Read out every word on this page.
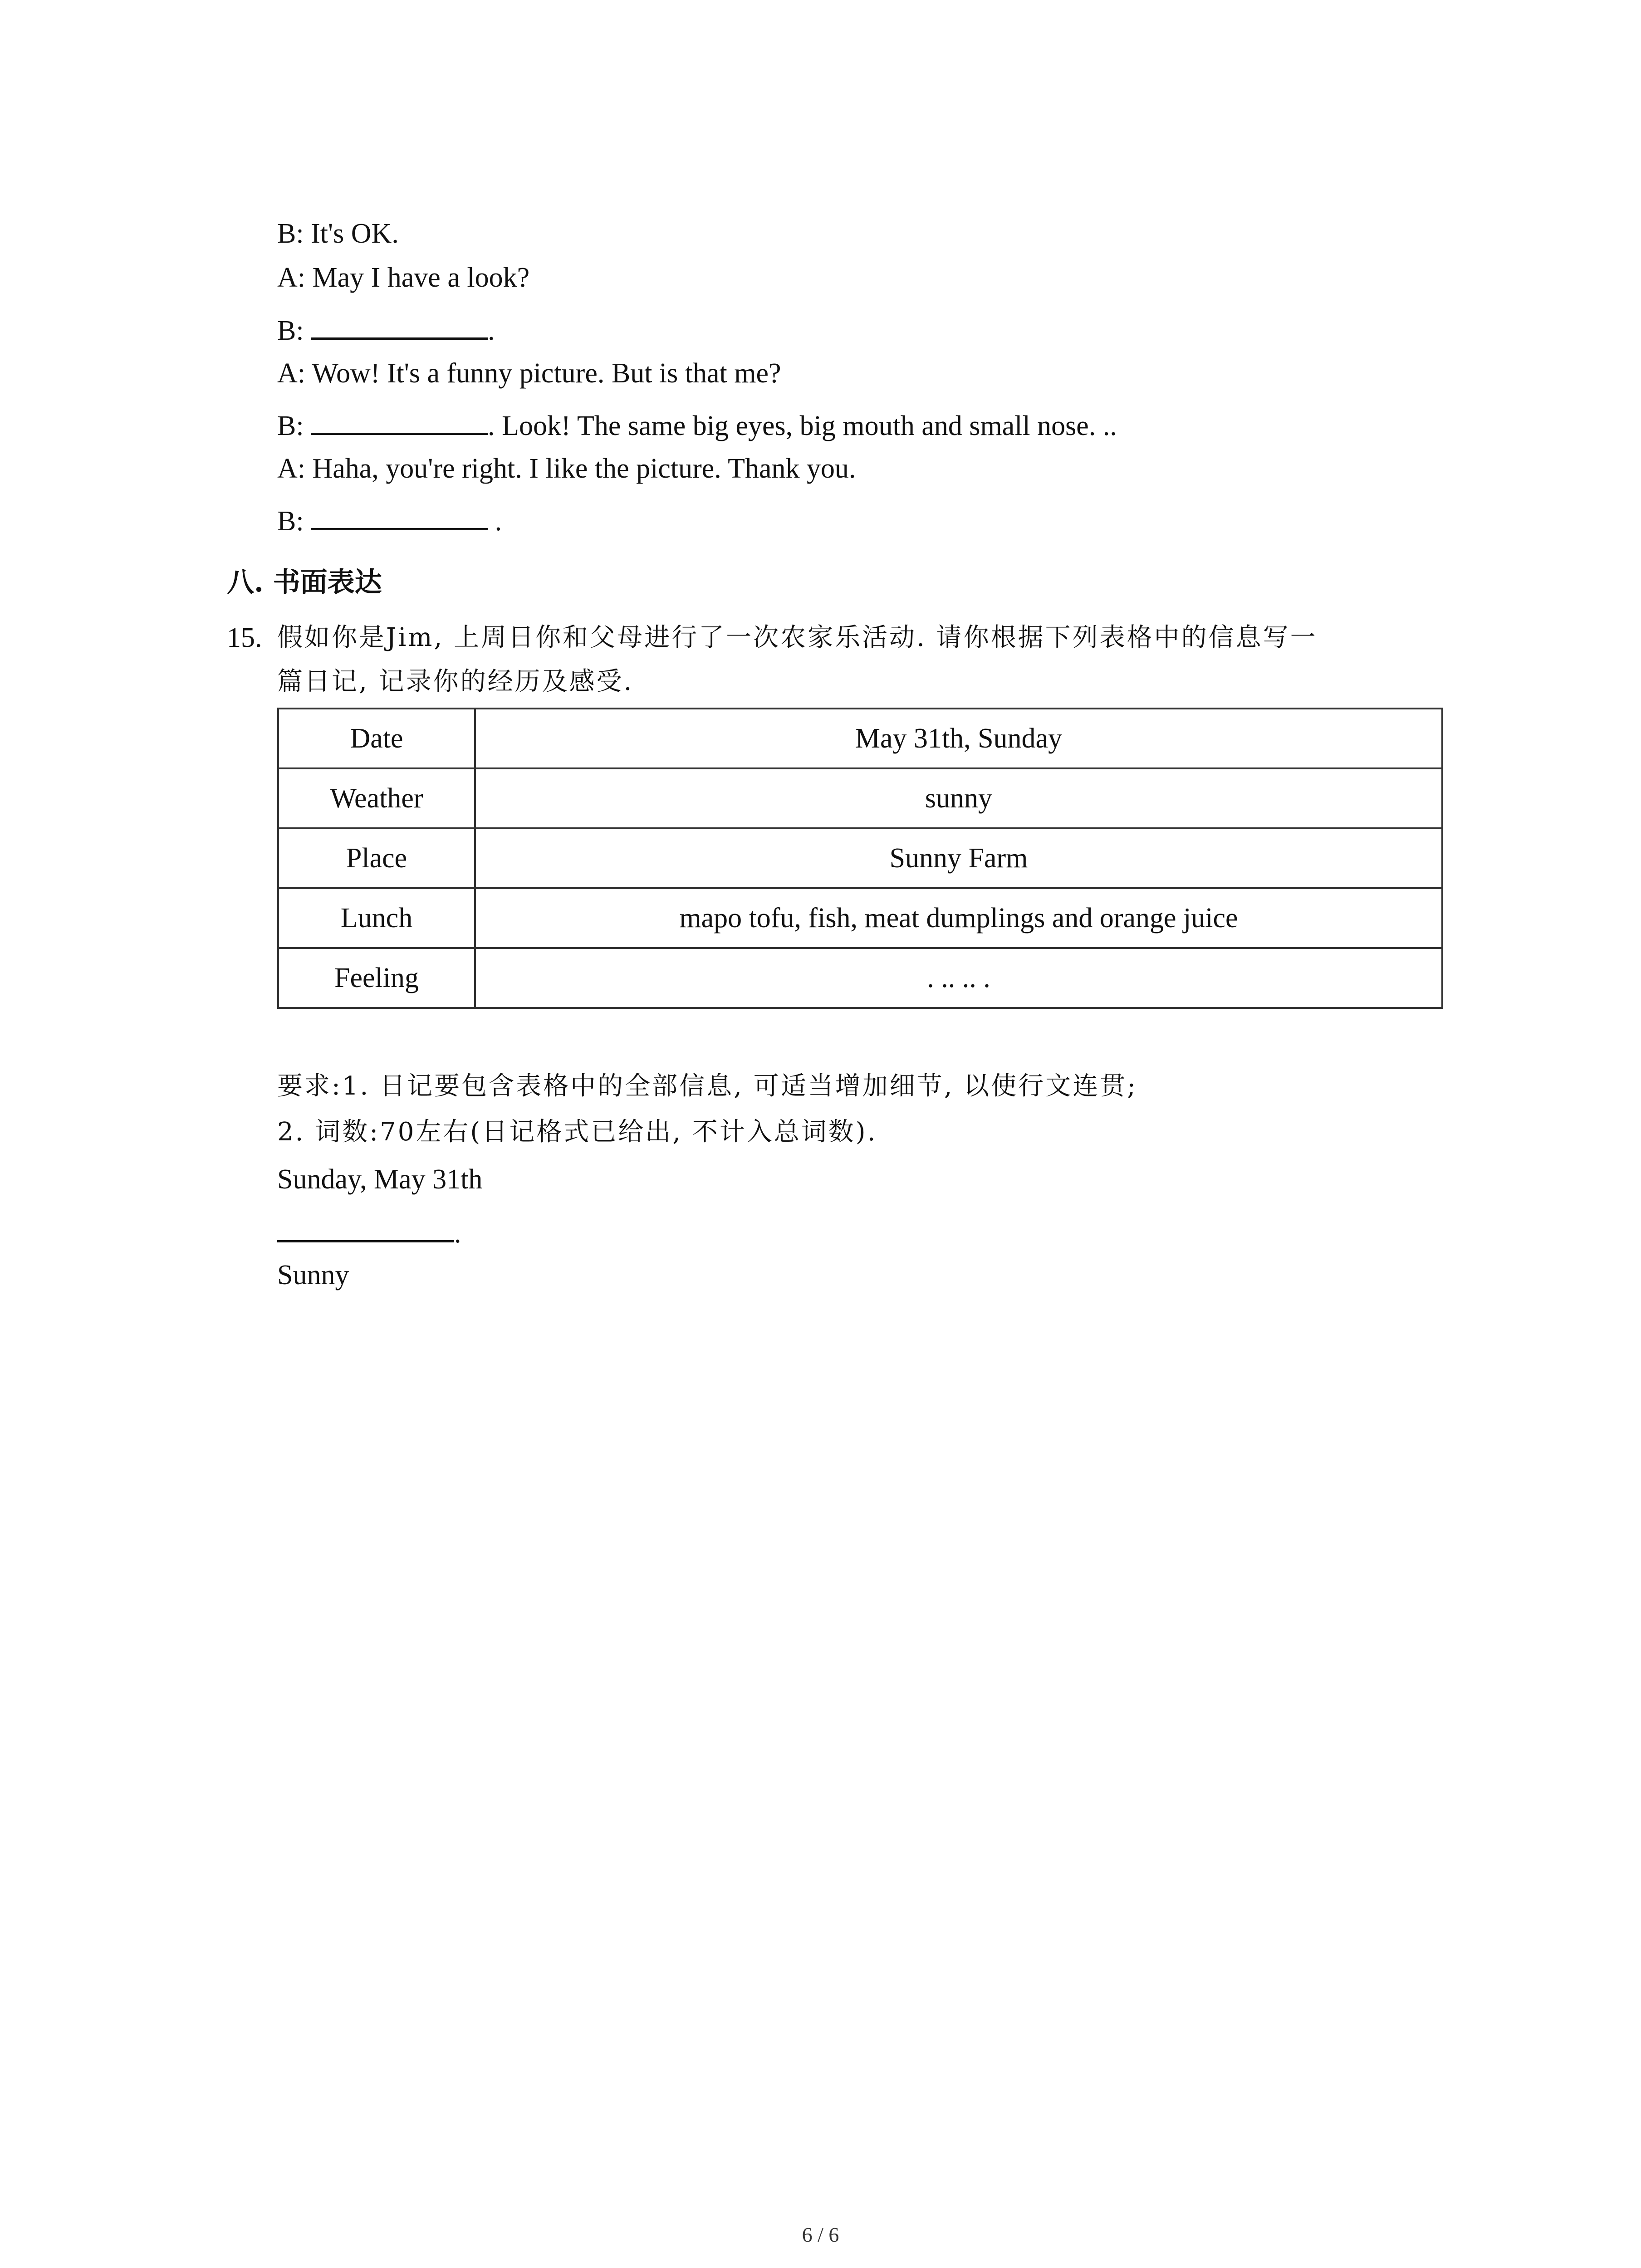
B: It's OK.
A: May I have a look?
B:	.
A: Wow! It's a funny picture. But is that me?
B:	. Look! The same big eyes, big mouth and small nose. ..
A: Haha, you're right. I like the picture. Thank you.
B:	.
八. 书面表达
15. 假如你是Jim, 上周日你和父母进行了一次农家乐活动. 请你根据下列表格中的信息写一
篇日记, 记录你的经历及感受.
Date	May 31th, Sunday
Weather	sunny
Place	Sunny Farm
Lunch	mapo tofu, fish, meat dumplings and orange juice
Feeling	. .. .. .
要求:1. 日记要包含表格中的全部信息, 可适当增加细节, 以使行文连贯;
2. 词数:70左右(日记格式已给出, 不计入总词数).
Sunday, May 31th
.
Sunny
6 / 6
